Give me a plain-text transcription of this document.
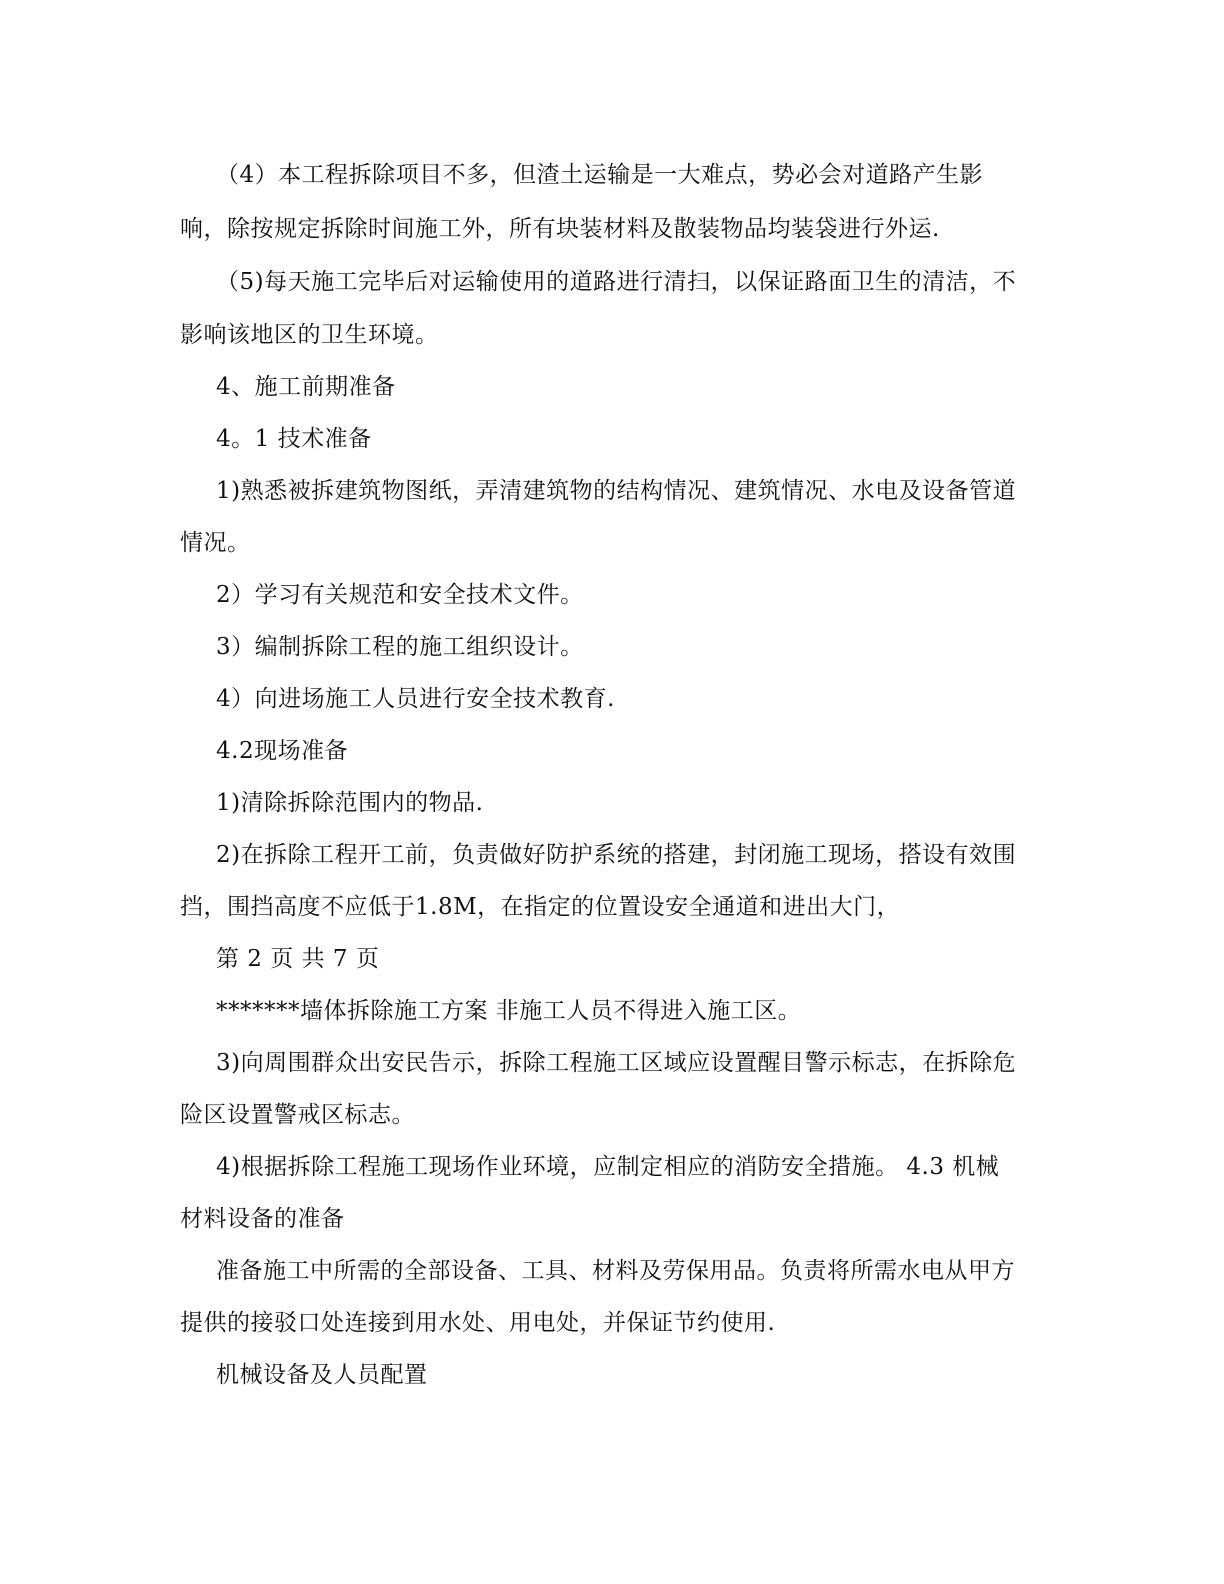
（4）本工程拆除项目不多，但渣土运输是一大难点，势必会对道路产生影
响，除按规定拆除时间施工外，所有块装材料及散装物品均装袋进行外运.
（5)每天施工完毕后对运输使用的道路进行清扫，以保证路面卫生的清洁，不
影响该地区的卫生环境。
4、施工前期准备
4。1 技术准备
1)熟悉被拆建筑物图纸，弄清建筑物的结构情况、建筑情况、水电及设备管道
情况。
2）学习有关规范和安全技术文件。
3）编制拆除工程的施工组织设计。
4）向进场施工人员进行安全技术教育.
4.2现场准备
1)清除拆除范围内的物品.
2)在拆除工程开工前，负责做好防护系统的搭建，封闭施工现场，搭设有效围
挡，围挡高度不应低于1.8M，在指定的位置设安全通道和进出大门，
第 2 页 共 7 页
*******墙体拆除施工方案 非施工人员不得进入施工区。
3)向周围群众出安民告示，拆除工程施工区域应设置醒目警示标志，在拆除危
险区设置警戒区标志。
4)根据拆除工程施工现场作业环境，应制定相应的消防安全措施。 4.3 机械
材料设备的准备
准备施工中所需的全部设备、工具、材料及劳保用品。负责将所需水电从甲方
提供的接驳口处连接到用水处、用电处，并保证节约使用.
机械设备及人员配置
